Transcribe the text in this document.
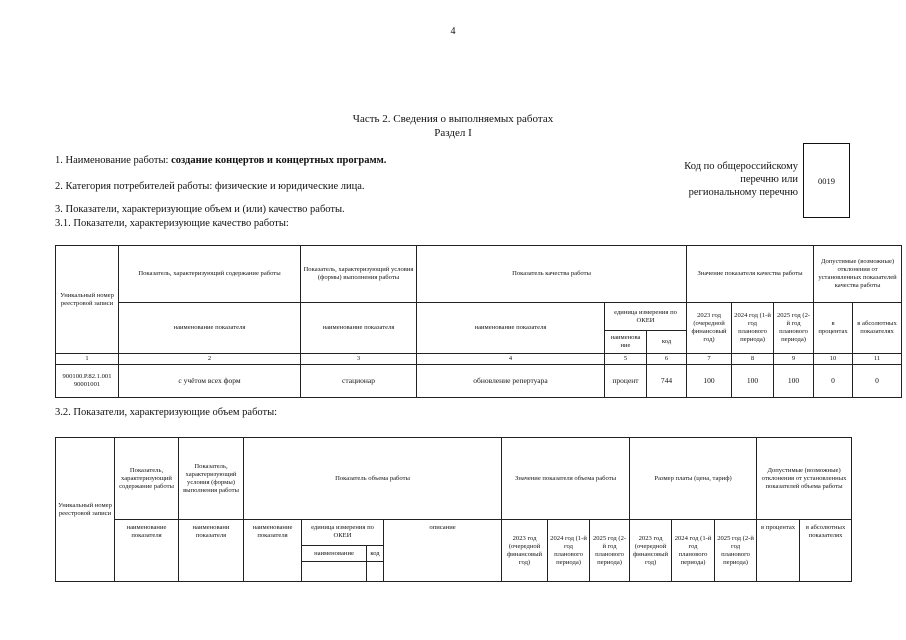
4
Часть 2. Сведения о выполняемых работах
Раздел I
1. Наименование работы: создание концертов и концертных программ.
2. Категория потребителей работы: физические и юридические лица.
3. Показатели, характеризующие объем и (или) качество работы.
3.1. Показатели, характеризующие качество работы:
Код по общероссийскому
перечню или
региональному перечню
0019
Уникальный номер реестровой записи	Показатель, характеризующий содержание работы	Показатель, характеризующий условия (формы) выполнения работы	Показатель качества работы			Значение показателя качества работы			Допустимые (возможные) отклонения от установленных показателей качества работы	
	наименование показателя	наименование показателя	наименование показателя	единица измерения по ОКЕИ		2023 год (очередной финансовый год)	2024 год (1-й год планового периода)	2025 год (2-й год планового периода)	в процентах	в абсолютных показателях
				наименова ние	код					
1	2	3	4	5	6	7	8	9	10	11
900100.Р.82.1.001 90001001	с учётом всех форм	стационар	обновление репертуара	процент	744	100	100	100	0	0
3.2. Показатели, характеризующие объем работы:
Уникальный номер реестровой записи	Показатель, характеризующий содержание работы	Показатель, характеризующий условия (формы) выполнения работы	Показатель объема работы				Значение показателя объема работы			Размер платы (цена, тариф)			Допустимые (возможные) отклонения от установленных показателей объема работы	
	наименование показателя	наименовани показателя	наименование показателя	единица измерения по ОКЕИ		описание	2023 год (очередной финансовый год)	2024 год (1-й год планового периода)	2025 год (2-й год планового периода)	2023 год (очередной финансовый год)	2024 год (1-й год планового периода)	2025 год (2-й год планового периода)	в процентах	в абсолютных показателях
				наименование	код									
